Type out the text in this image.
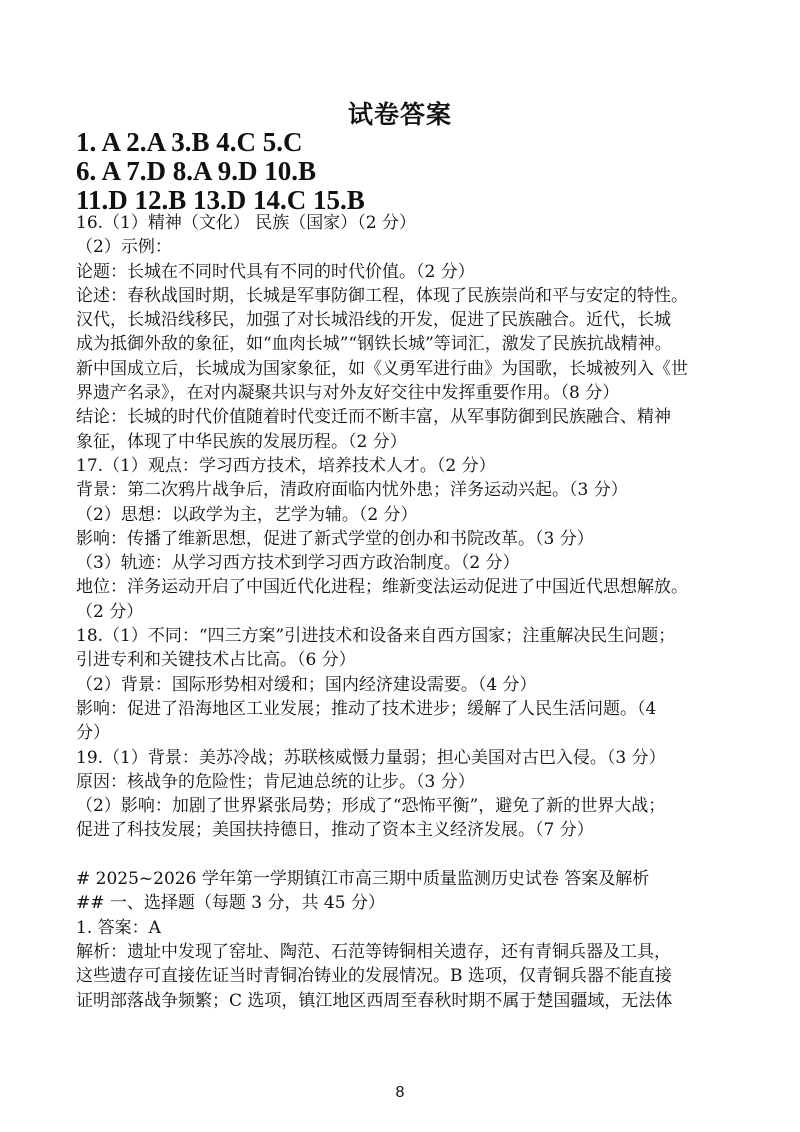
试卷答案
1. A 2.A 3.B 4.C 5.C
6. A 7.D 8.A 9.D 10.B
11.D 12.B 13.D 14.C 15.B
16.（1）精神（文化） 民族（国家）（2 分）
（2）示例：
论题：长城在不同时代具有不同的时代价值。（2 分）
论述：春秋战国时期，长城是军事防御工程，体现了民族崇尚和平与安定的特性。
汉代，长城沿线移民，加强了对长城沿线的开发，促进了民族融合。近代，长城
成为抵御外敌的象征，如“血肉长城”“钢铁长城”等词汇，激发了民族抗战精神。
新中国成立后，长城成为国家象征，如《义勇军进行曲》为国歌，长城被列入《世
界遗产名录》，在对内凝聚共识与对外友好交往中发挥重要作用。（8 分）
结论：长城的时代价值随着时代变迁而不断丰富，从军事防御到民族融合、精神
象征，体现了中华民族的发展历程。（2 分）
17.（1）观点：学习西方技术，培养技术人才。（2 分）
背景：第二次鸦片战争后，清政府面临内忧外患；洋务运动兴起。（3 分）
（2）思想：以政学为主，艺学为辅。（2 分）
影响：传播了维新思想，促进了新式学堂的创办和书院改革。（3 分）
（3）轨迹：从学习西方技术到学习西方政治制度。（2 分）
地位：洋务运动开启了中国近代化进程；维新变法运动促进了中国近代思想解放。
（2 分）
18.（1）不同：“四三方案”引进技术和设备来自西方国家；注重解决民生问题；
引进专利和关键技术占比高。（6 分）
（2）背景：国际形势相对缓和；国内经济建设需要。（4 分）
影响：促进了沿海地区工业发展；推动了技术进步；缓解了人民生活问题。（4
分）
19.（1）背景：美苏冷战；苏联核威慑力量弱；担心美国对古巴入侵。（3 分）
原因：核战争的危险性；肯尼迪总统的让步。（3 分）
（2）影响：加剧了世界紧张局势；形成了“恐怖平衡”，避免了新的世界大战；
促进了科技发展；美国扶持德日，推动了资本主义经济发展。（7 分）
# 2025~2026 学年第一学期镇江市高三期中质量监测历史试卷 答案及解析
## 一、选择题（每题 3 分，共 45 分）
1. 答案：A
解析：遗址中发现了窑址、陶范、石范等铸铜相关遗存，还有青铜兵器及工具，
这些遗存可直接佐证当时青铜冶铸业的发展情况。B 选项，仅青铜兵器不能直接
证明部落战争频繁；C 选项，镇江地区西周至春秋时期不属于楚国疆域，无法体
8
